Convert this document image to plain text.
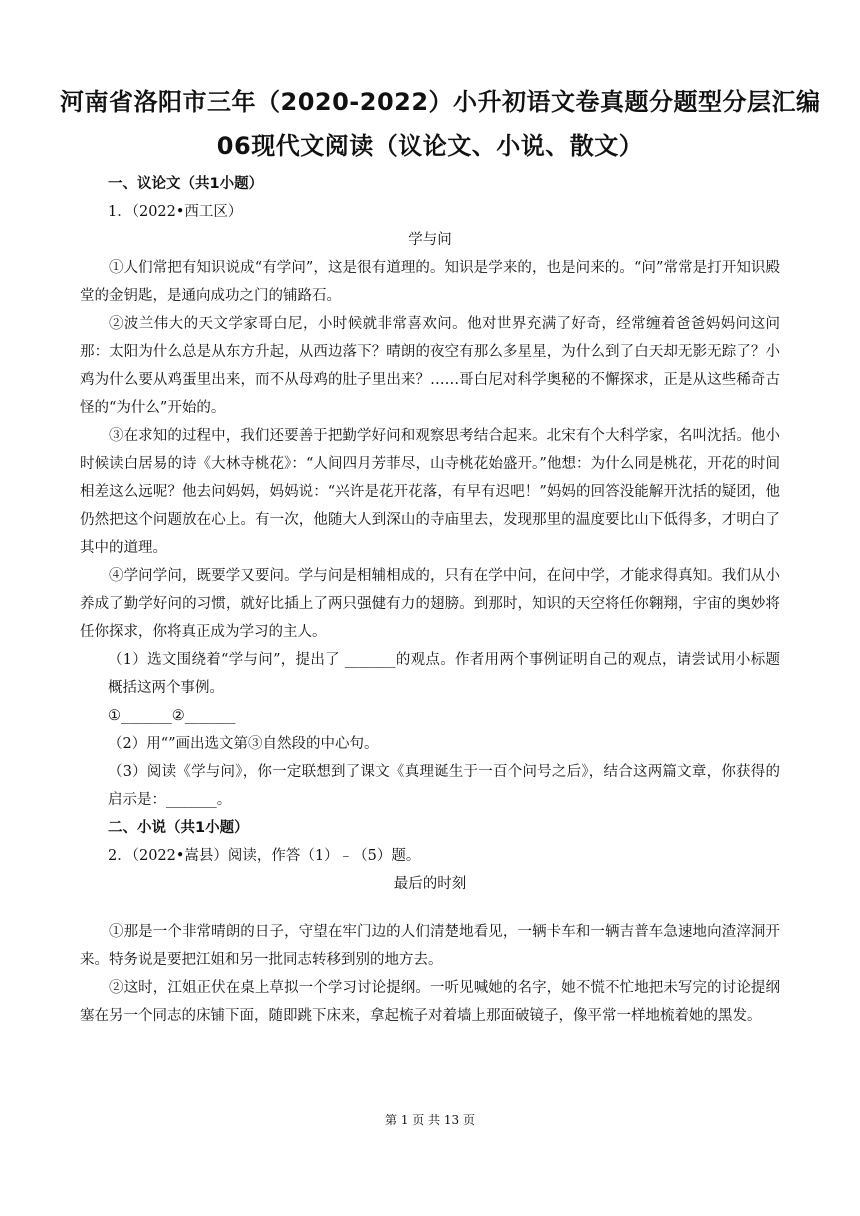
河南省洛阳市三年（2020-2022）小升初语文卷真题分题型分层汇编
06现代文阅读（议论文、小说、散文）

一、议论文（共1小题）

1．（2022•西工区）

学与问

①人们常把有知识说成“有学问”，这是很有道理的。知识是学来的，也是问来的。“问”常常是打开知识殿堂的金钥匙，是通向成功之门的铺路石。

②波兰伟大的天文学家哥白尼，小时候就非常喜欢问。他对世界充满了好奇，经常缠着爸爸妈妈问这问那：太阳为什么总是从东方升起，从西边落下？晴朗的夜空有那么多星星，为什么到了白天却无影无踪了？小鸡为什么要从鸡蛋里出来，而不从母鸡的肚子里出来？……哥白尼对科学奥秘的不懈探求，正是从这些稀奇古怪的“为什么”开始的。

③在求知的过程中，我们还要善于把勤学好问和观察思考结合起来。北宋有个大科学家，名叫沈括。他小时候读白居易的诗《大林寺桃花》：“人间四月芳菲尽，山寺桃花始盛开。”他想：为什么同是桃花，开花的时间相差这么远呢？他去问妈妈，妈妈说：“兴许是花开花落，有早有迟吧！”妈妈的回答没能解开沈括的疑团，他仍然把这个问题放在心上。有一次，他随大人到深山的寺庙里去，发现那里的温度要比山下低得多，才明白了其中的道理。

④学问学问，既要学又要问。学与问是相辅相成的，只有在学中问，在问中学，才能求得真知。我们从小养成了勤学好问的习惯，就好比插上了两只强健有力的翅膀。到那时，知识的天空将任你翱翔，宇宙的奥妙将任你探求，你将真正成为学习的主人。

（1）选文围绕着“学与问”，提出了 _______的观点。作者用两个事例证明自己的观点，请尝试用小标题概括这两个事例。

①_______②_______

（2）用“”画出选文第③自然段的中心句。

（3）阅读《学与问》，你一定联想到了课文《真理诞生于一百个问号之后》，结合这两篇文章，你获得的启示是：_______。

二、小说（共1小题）

2．（2022•嵩县）阅读，作答（1）﹣（5）题。

最后的时刻

①那是一个非常晴朗的日子，守望在牢门边的人们清楚地看见，一辆卡车和一辆吉普车急速地向渣滓洞开来。特务说是要把江姐和另一批同志转移到别的地方去。

②这时，江姐正伏在桌上草拟一个学习讨论提纲。一听见喊她的名字，她不慌不忙地把未写完的讨论提纲塞在另一个同志的床铺下面，随即跳下床来，拿起梳子对着墙上那面破镜子，像平常一样地梳着她的黑发。

第 1 页 共 13 页
